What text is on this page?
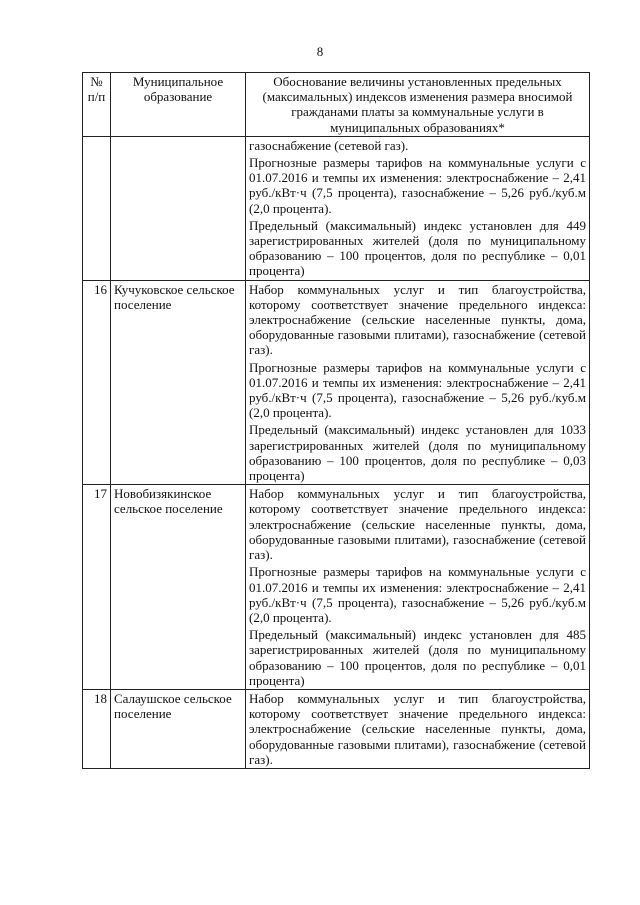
8
№ п/п	Муниципальное образование	Обоснование величины установленных предельных (максимальных) индексов изменения размера вносимой гражданами платы за коммунальные услуги в муниципальных образованиях*

		газоснабжение (сетевой газ).

Прогнозные размеры тарифов на коммунальные услуги с 01.07.2016 и темпы их изменения: электроснабжение – 2,41 руб./кВт·ч (7,5 процента), газоснабжение – 5,26 руб./куб.м (2,0 процента).

Предельный (максимальный) индекс установлен для 449 зарегистрированных жителей (доля по муниципальному образованию – 100 процентов, доля по республике – 0,01 процента)

16	Кучуковское сельское поселение	Набор коммунальных услуг и тип благоустройства, которому соответствует значение предельного индекса: электроснабжение (сельские населенные пункты, дома, оборудованные газовыми плитами), газоснабжение (сетевой газ).

Прогнозные размеры тарифов на коммунальные услуги с 01.07.2016 и темпы их изменения: электроснабжение – 2,41 руб./кВт·ч (7,5 процента), газоснабжение – 5,26 руб./куб.м (2,0 процента).

Предельный (максимальный) индекс установлен для 1033 зарегистрированных жителей (доля по муниципальному образованию – 100 процентов, доля по республике – 0,03 процента)

17	Новобизякинское сельское поселение	Набор коммунальных услуг и тип благоустройства, которому соответствует значение предельного индекса: электроснабжение (сельские населенные пункты, дома, оборудованные газовыми плитами), газоснабжение (сетевой газ).

Прогнозные размеры тарифов на коммунальные услуги с 01.07.2016 и темпы их изменения: электроснабжение – 2,41 руб./кВт·ч (7,5 процента), газоснабжение – 5,26 руб./куб.м (2,0 процента).

Предельный (максимальный) индекс установлен для 485 зарегистрированных жителей (доля по муниципальному образованию – 100 процентов, доля по республике – 0,01 процента)

18	Салаушское сельское поселение	Набор коммунальных услуг и тип благоустройства, которому соответствует значение предельного индекса: электроснабжение (сельские населенные пункты, дома, оборудованные газовыми плитами), газоснабжение (сетевой газ).
